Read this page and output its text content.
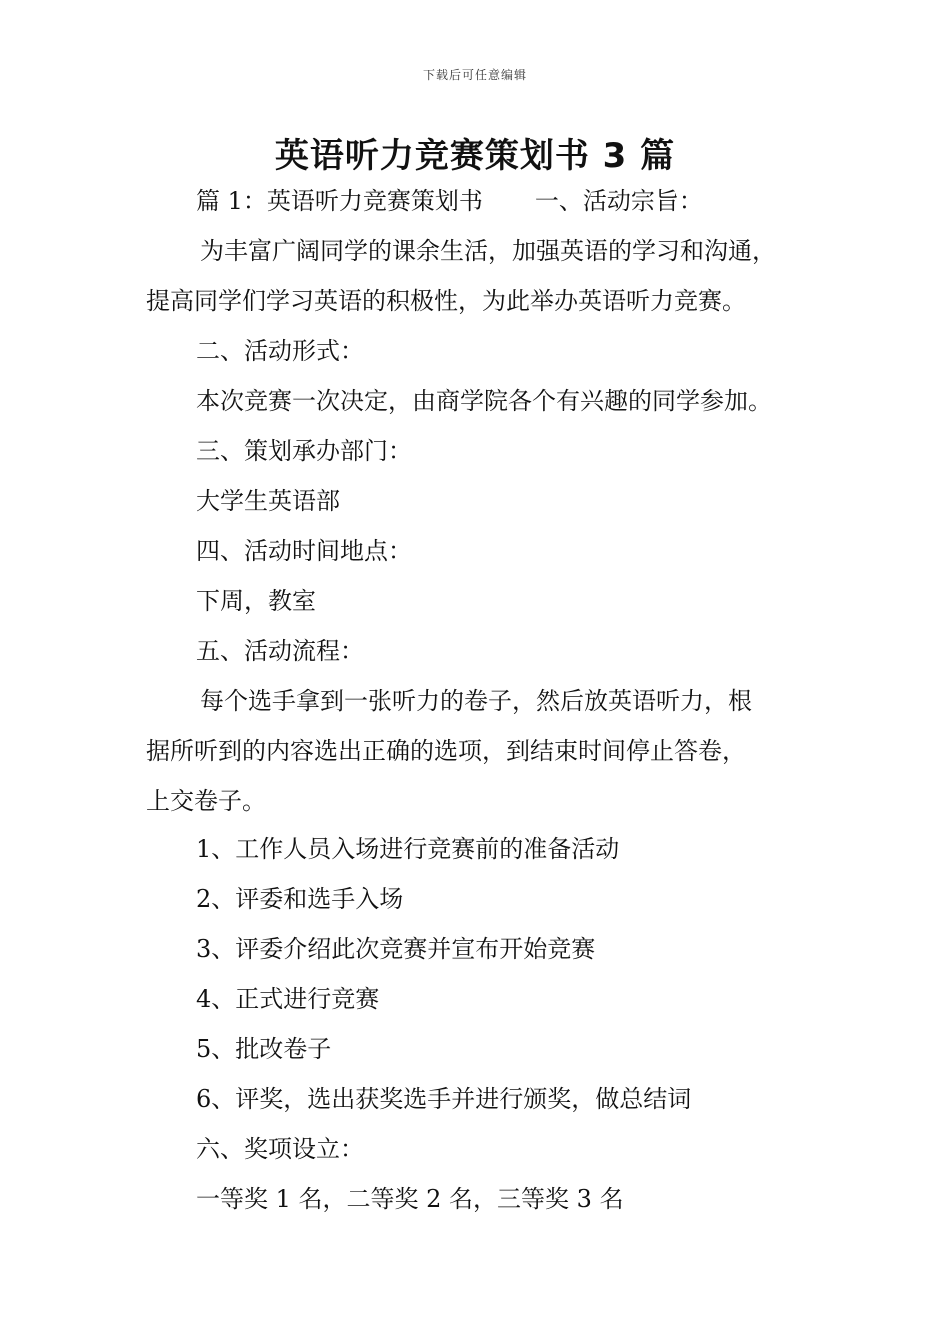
下载后可任意编辑
英语听力竞赛策划书 3 篇
篇 1：英语听力竞赛策划书 一、活动宗旨：
为丰富广阔同学的课余生活，加强英语的学习和沟通，
提高同学们学习英语的积极性，为此举办英语听力竞赛。
二、活动形式：
本次竞赛一次决定，由商学院各个有兴趣的同学参加。
三、策划承办部门：
大学生英语部
四、活动时间地点：
下周，教室
五、活动流程：
每个选手拿到一张听力的卷子，然后放英语听力，根
据所听到的内容选出正确的选项，到结束时间停止答卷，
上交卷子。
1、工作人员入场进行竞赛前的准备活动
2、评委和选手入场
3、评委介绍此次竞赛并宣布开始竞赛
4、正式进行竞赛
5、批改卷子
6、评奖，选出获奖选手并进行颁奖，做总结词
六、奖项设立：
一等奖 1 名，二等奖 2 名，三等奖 3 名
